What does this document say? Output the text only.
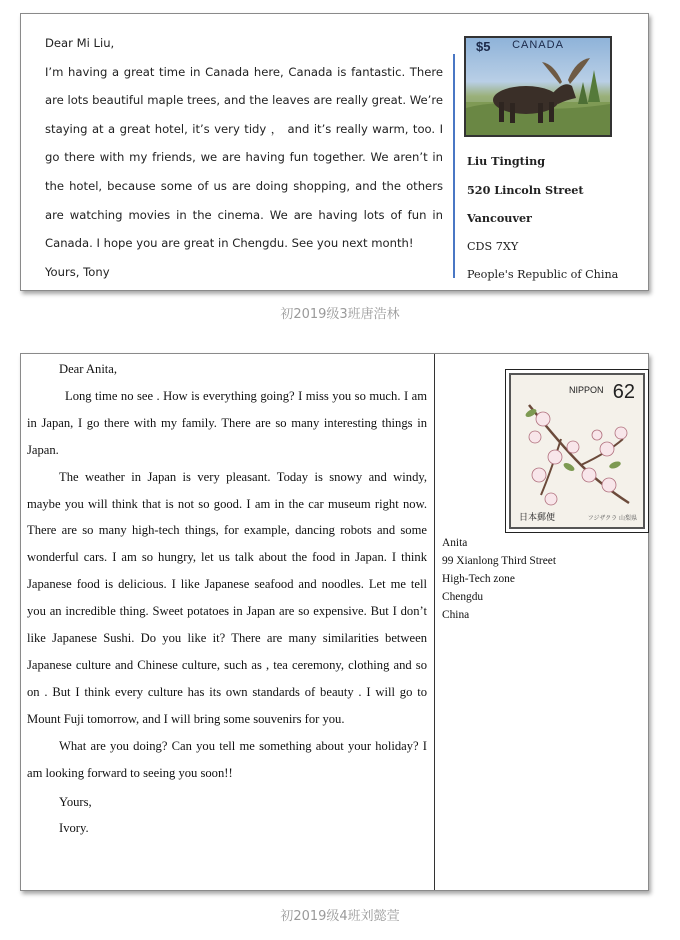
Dear Mi Liu,

I’m having a great time in Canada here, Canada is fantastic. There are lots beautiful maple trees, and the leaves are really great. We’re staying at a great hotel, it’s very tidy ， and it’s really warm, too. I go there with my friends, we are having fun together. We aren’t in the hotel, because some of us are doing shopping, and the others are watching movies in the cinema. We are having lots of fun in Canada. I hope you are great in Chengdu. See you next month!

Yours, Tony

$5	CANADA
Liu Tingting
520 Lincoln Street
Vancouver
CDS 7XY
People's Republic of China
初2019级3班唐浩林

Dear Anita,

Long time no see . How is everything going? I miss you so much. I am in Japan, I go there with my family. There are so many interesting things in Japan.

The weather in Japan is very pleasant. Today is snowy and windy, maybe you will think that is not so good. I am in the car museum right now. There are so many high-tech things, for example, dancing robots and some wonderful cars. I am so hungry, let us talk about the food in Japan. I think Japanese food is delicious. I like Japanese seafood and noodles. Let me tell you an incredible thing. Sweet potatoes in Japan are so expensive. But I don’t like Japanese Sushi. Do you like it? There are many similarities between Japanese culture and Chinese culture, such as , tea ceremony, clothing and so on . But I think every culture has its own standards of beauty . I will go to Mount Fuji tomorrow, and I will bring some souvenirs for you.

What are you doing? Can you tell me something about your holiday? I am looking forward to seeing you soon!!

Yours,

Ivory.

NIPPON 62
日本郵便	フジザクラ 山梨県
Anita
99 Xianlong Third Street
High-Tech zone
Chengdu
China
初2019级4班刘懿萱
